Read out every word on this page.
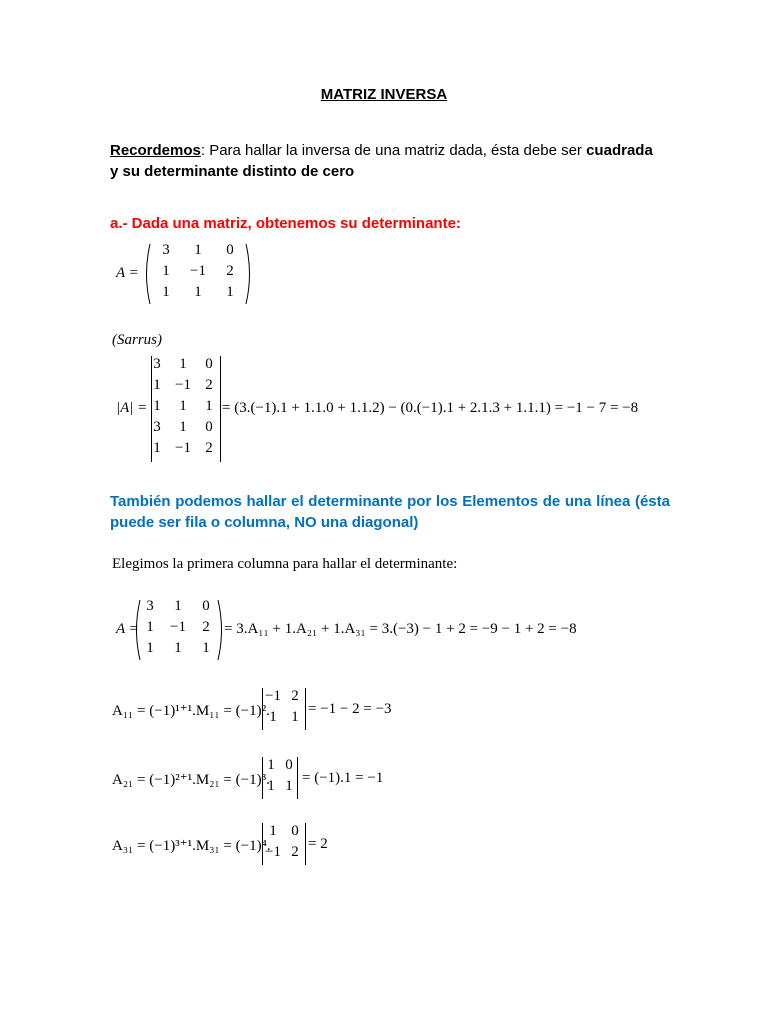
MATRIZ INVERSA
Recordemos: Para hallar la inversa de una matriz dada, ésta debe ser cuadrada
y su determinante distinto de cero
a.- Dada una matriz, obtenemos su determinante:
A =
3	1	0
1	−1	2
1	1	1
(Sarrus)
|A| =
3	1	0
1 −1 2
1	1	1
3	1	0
1 −1 2
= (3.(−1).1 + 1.1.0 + 1.1.2) − (0.(−1).1 + 2.1.3 + 1.1.1) = −1 − 7 = −8
También podemos hallar el determinante por los Elementos de una línea (ésta puede ser fila o columna, NO una diagonal)
Elegimos la primera columna para hallar el determinante:
A =
3	1	0
1	−1	2
1	1	1
= 3.A₁₁ + 1.A₂₁ + 1.A₃₁ = 3.(−3) − 1 + 2 = −9 − 1 + 2 = −8
A₁₁ = (−1)¹⁺¹.M₁₁ = (−1)².
−1 2
1 1 = −1 − 2 = −3
A₂₁ = (−1)²⁺¹.M₂₁ = (−1)³.
1 0
1 1 = (−1).1 = −1
A₃₁ = (−1)³⁺¹.M₃₁ = (−1)⁴.
1 0
−1 2 = 2
